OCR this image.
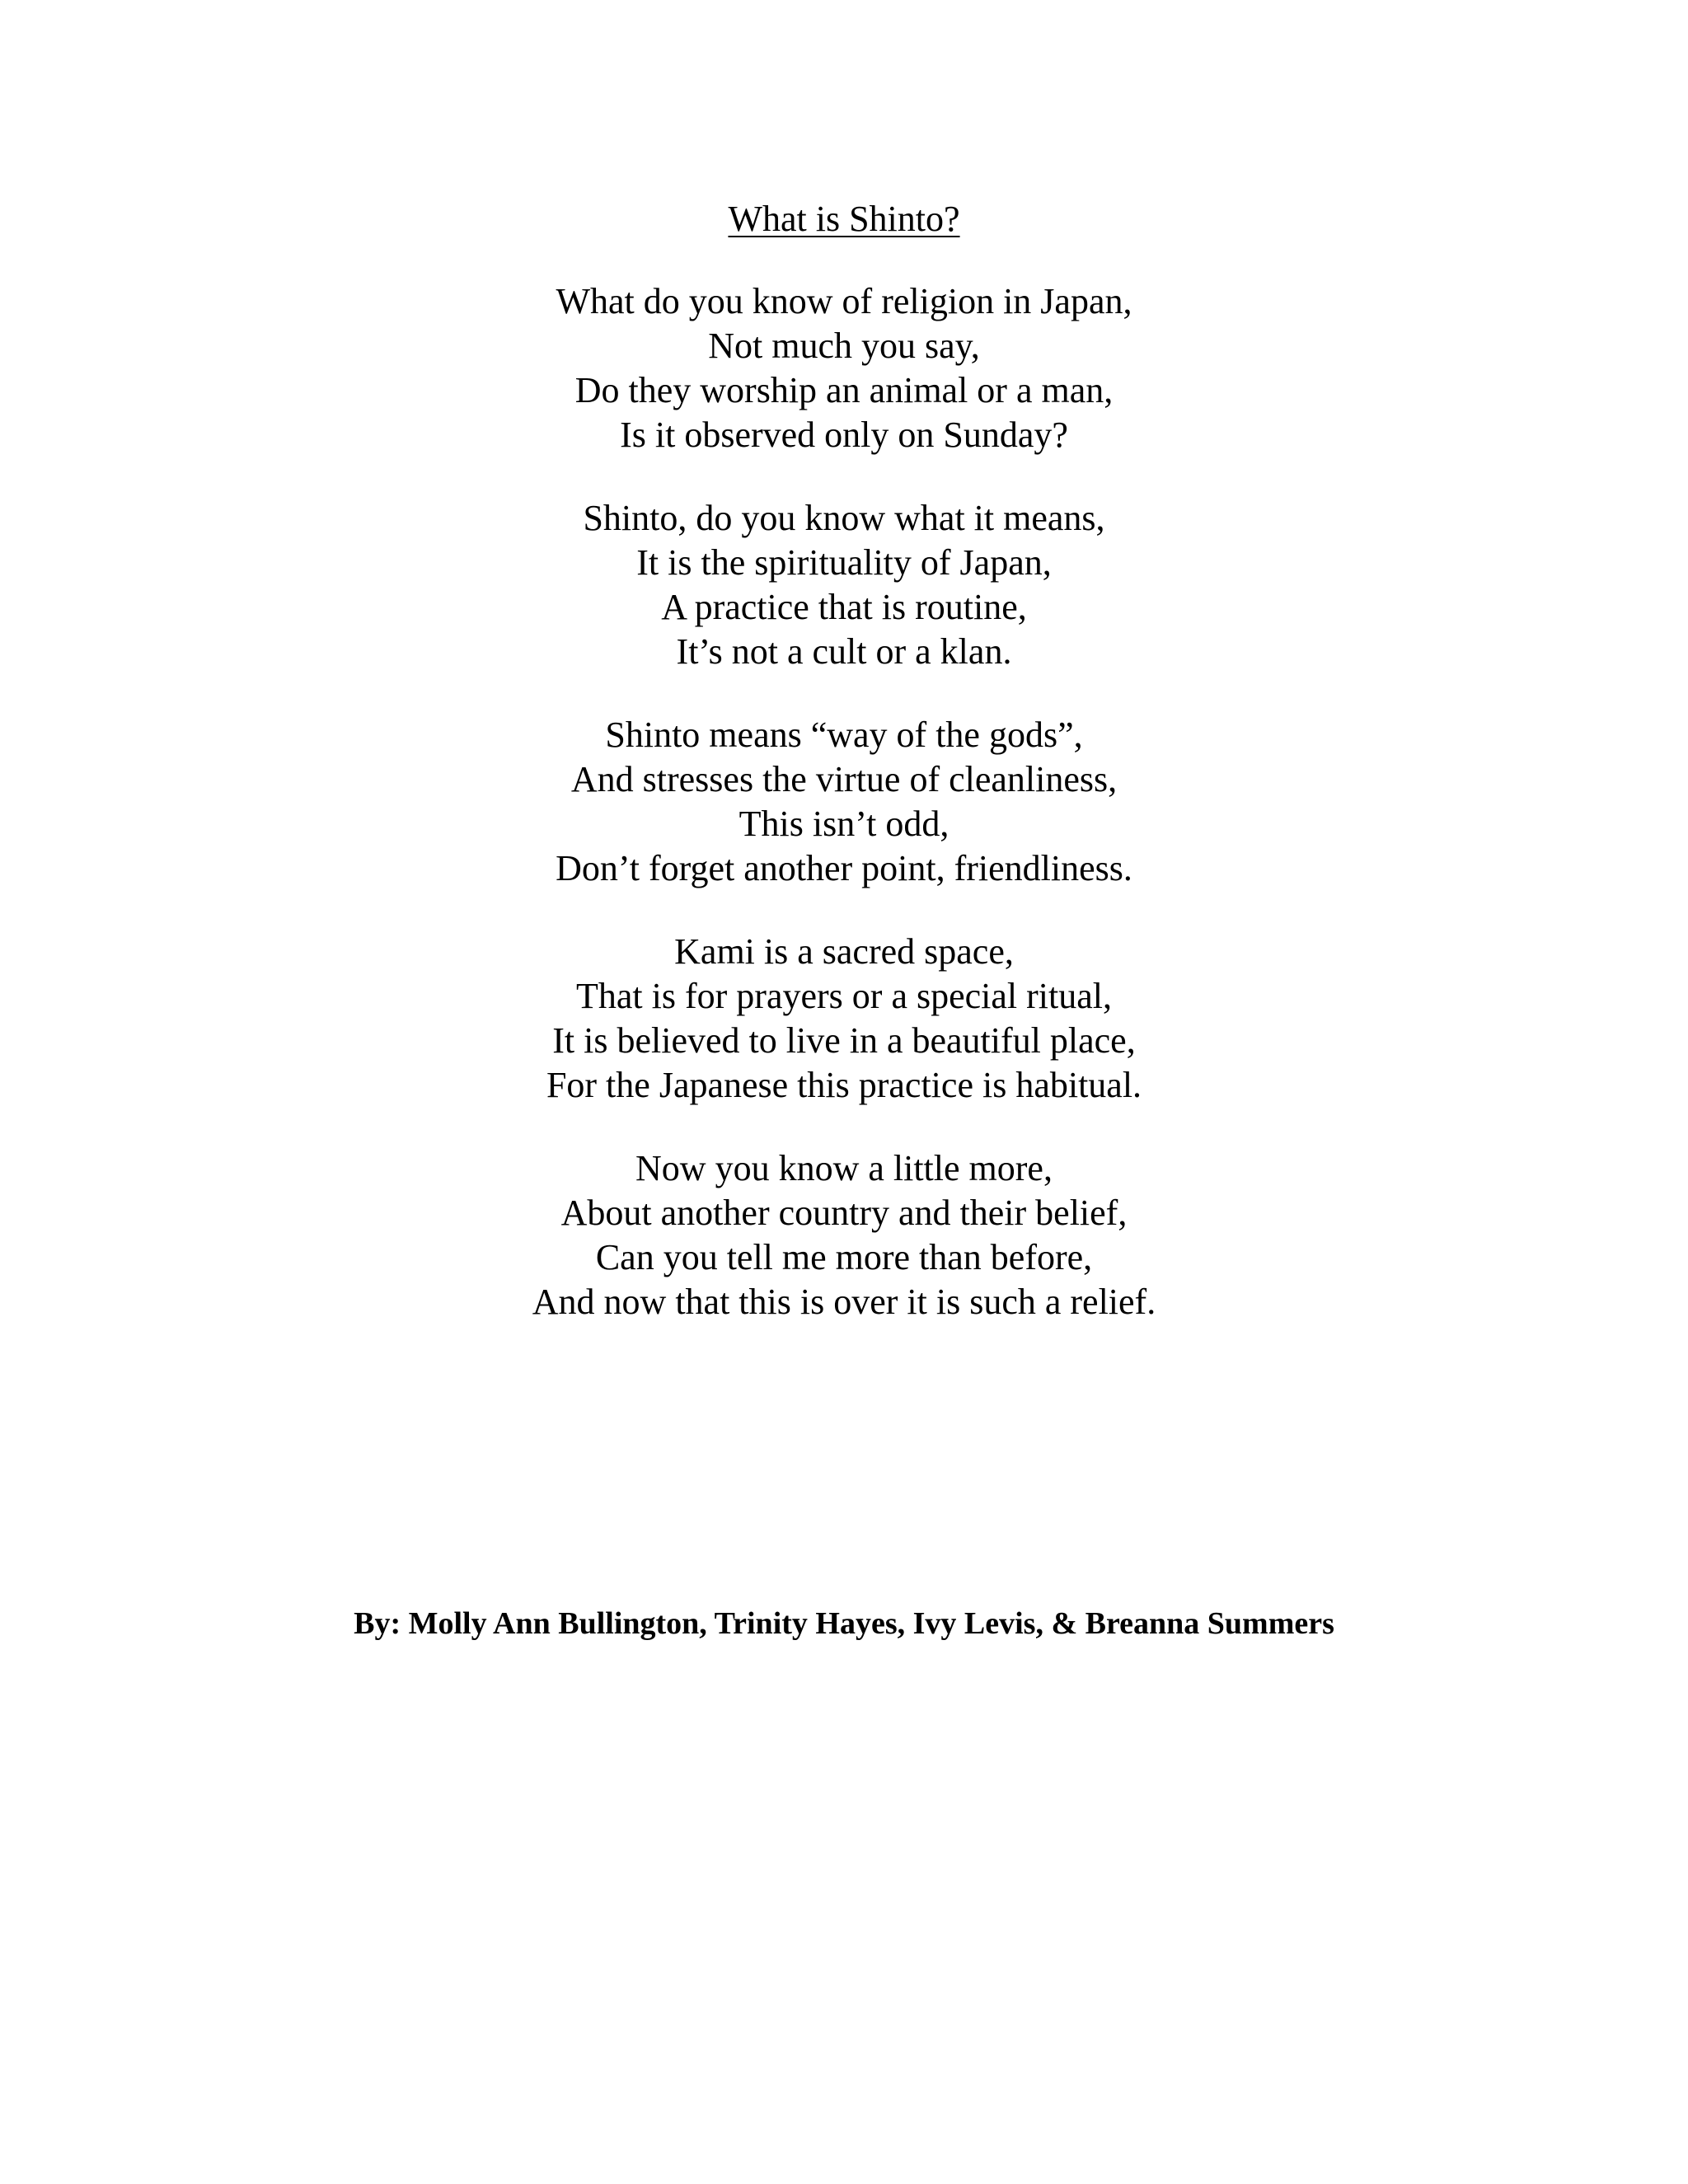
What is Shinto?
What do you know of religion in Japan,
Not much you say,
Do they worship an animal or a man,
Is it observed only on Sunday?
Shinto, do you know what it means,
It is the spirituality of Japan,
A practice that is routine,
It’s not a cult or a klan.
Shinto means “way of the gods”,
And stresses the virtue of cleanliness,
This isn’t odd,
Don’t forget another point, friendliness.
Kami is a sacred space,
That is for prayers or a special ritual,
It is believed to live in a beautiful place,
For the Japanese this practice is habitual.
Now you know a little more,
About another country and their belief,
Can you tell me more than before,
And now that this is over it is such a relief.
By: Molly Ann Bullington, Trinity Hayes, Ivy Levis, & Breanna Summers
